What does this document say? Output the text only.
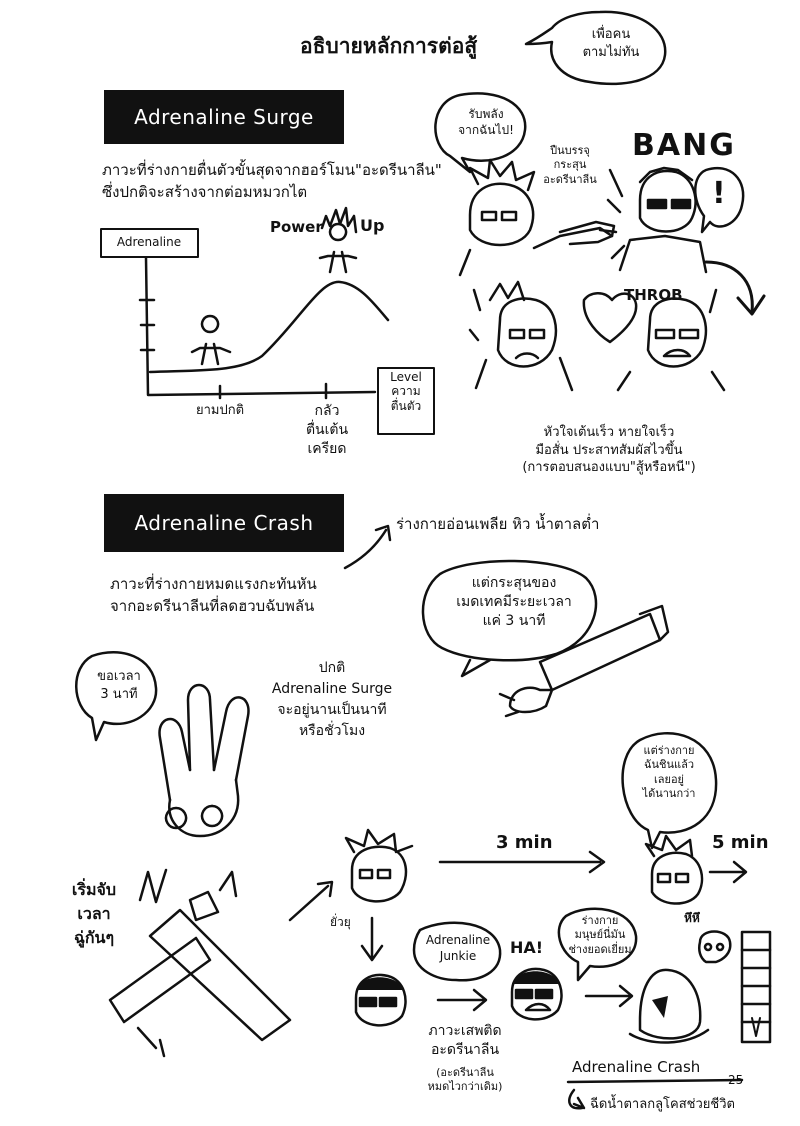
อธิบายหลักการต่อสู้	เพื่อคน
ตามไม่ทัน
Adrenaline Surge
ภาวะที่ร่างกายตื่นตัวขั้นสุดจากฮอร์โมน"อะดรีนาลีน"
ซึ่งปกติจะสร้างจากต่อมหมวกไต
Adrenaline
Level
ความ
ตื่นตัว
ยามปกติ	กลัว
ตื่นเต้น
เครียด
Power Up
รับพลัง
จากฉันไป!
ปืนบรรจุ
กระสุน
อะดรีนาลีน
BANG
!
THROB
หัวใจเต้นเร็ว หายใจเร็ว
มือสั่น ประสาทสัมผัสไวขึ้น
(การตอบสนองแบบ"สู้หรือหนี")
Adrenaline Crash	ร่างกายอ่อนเพลีย หิว น้ำตาลต่ำ
ภาวะที่ร่างกายหมดแรงกะทันหัน
จากอะดรีนาลีนที่ลดฮวบฉับพลัน
แต่กระสุนของ
เมดเทคมีระยะเวลา
แค่ 3 นาที
ขอเวลา
3 นาที
ปกติ
Adrenaline Surge
จะอยู่นานเป็นนาที
หรือชั่วโมง
แต่ร่างกาย
ฉันชินแล้ว
เลยอยู่
ได้นานกว่า
เริ่มจับ
เวลา
ฉู่กันๆ
3 min	5 min
หึหึ
ยั่วยุ
Adrenaline
Junkie	HA!
ร่างกาย
มนุษย์นี่มัน
ช่างยอดเยี่ยม
ภาวะเสพติด
อะดรีนาลีน
(อะดรีนาลีน
หมดไวกว่าเดิม)
Adrenaline Crash
25
ฉีดน้ำตาลกลูโคสช่วยชีวิต
